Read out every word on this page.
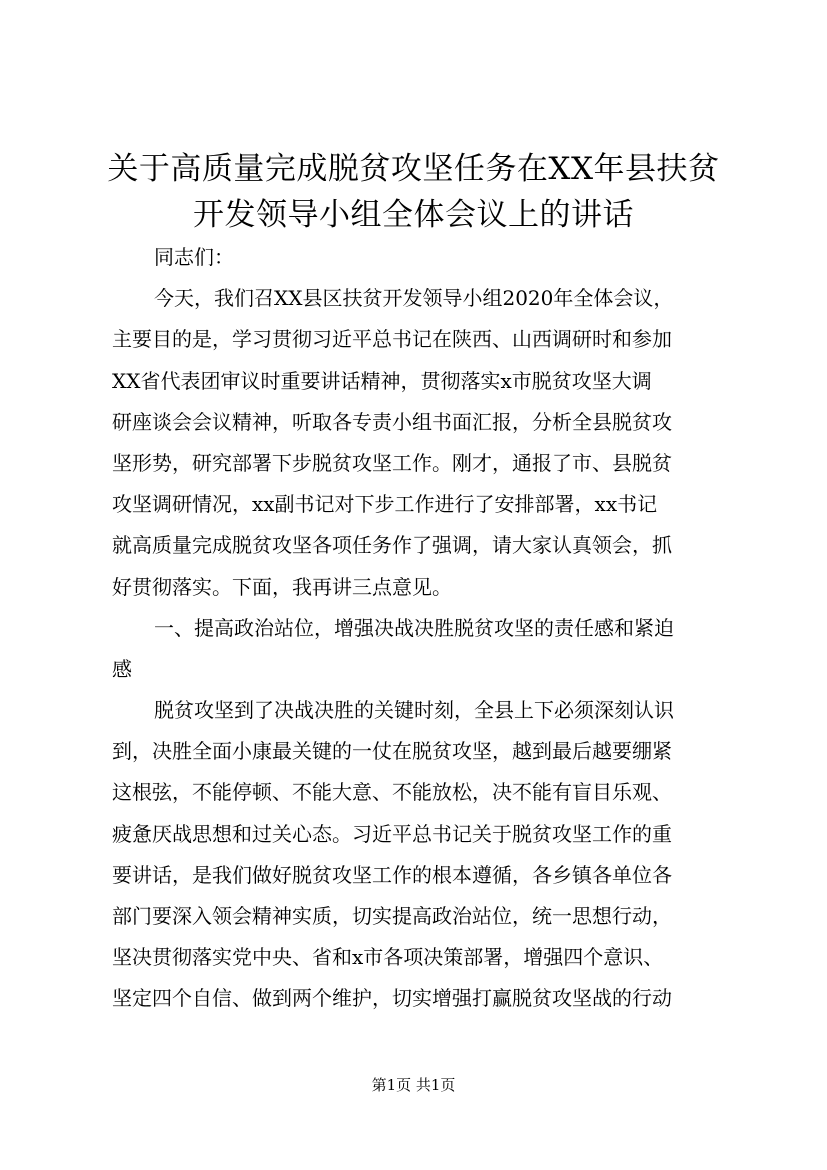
关于高质量完成脱贫攻坚任务在XX年县扶贫
开发领导小组全体会议上的讲话
同志们：
今天，我们召XX县区扶贫开发领导小组2020年全体会议，
主要目的是，学习贯彻习近平总书记在陕西、山西调研时和参加
XX省代表团审议时重要讲话精神，贯彻落实x市脱贫攻坚大调
研座谈会会议精神，听取各专责小组书面汇报，分析全县脱贫攻
坚形势，研究部署下步脱贫攻坚工作。刚才，通报了市、县脱贫
攻坚调研情况，xx副书记对下步工作进行了安排部署，xx书记
就高质量完成脱贫攻坚各项任务作了强调，请大家认真领会，抓
好贯彻落实。下面，我再讲三点意见。
一、提高政治站位，增强决战决胜脱贫攻坚的责任感和紧迫
感
脱贫攻坚到了决战决胜的关键时刻，全县上下必须深刻认识
到，决胜全面小康最关键的一仗在脱贫攻坚，越到最后越要绷紧
这根弦，不能停顿、不能大意、不能放松，决不能有盲目乐观、
疲惫厌战思想和过关心态。习近平总书记关于脱贫攻坚工作的重
要讲话，是我们做好脱贫攻坚工作的根本遵循，各乡镇各单位各
部门要深入领会精神实质，切实提高政治站位，统一思想行动，
坚决贯彻落实党中央、省和x市各项决策部署，增强四个意识、
坚定四个自信、做到两个维护，切实增强打赢脱贫攻坚战的行动
第1页 共1页
